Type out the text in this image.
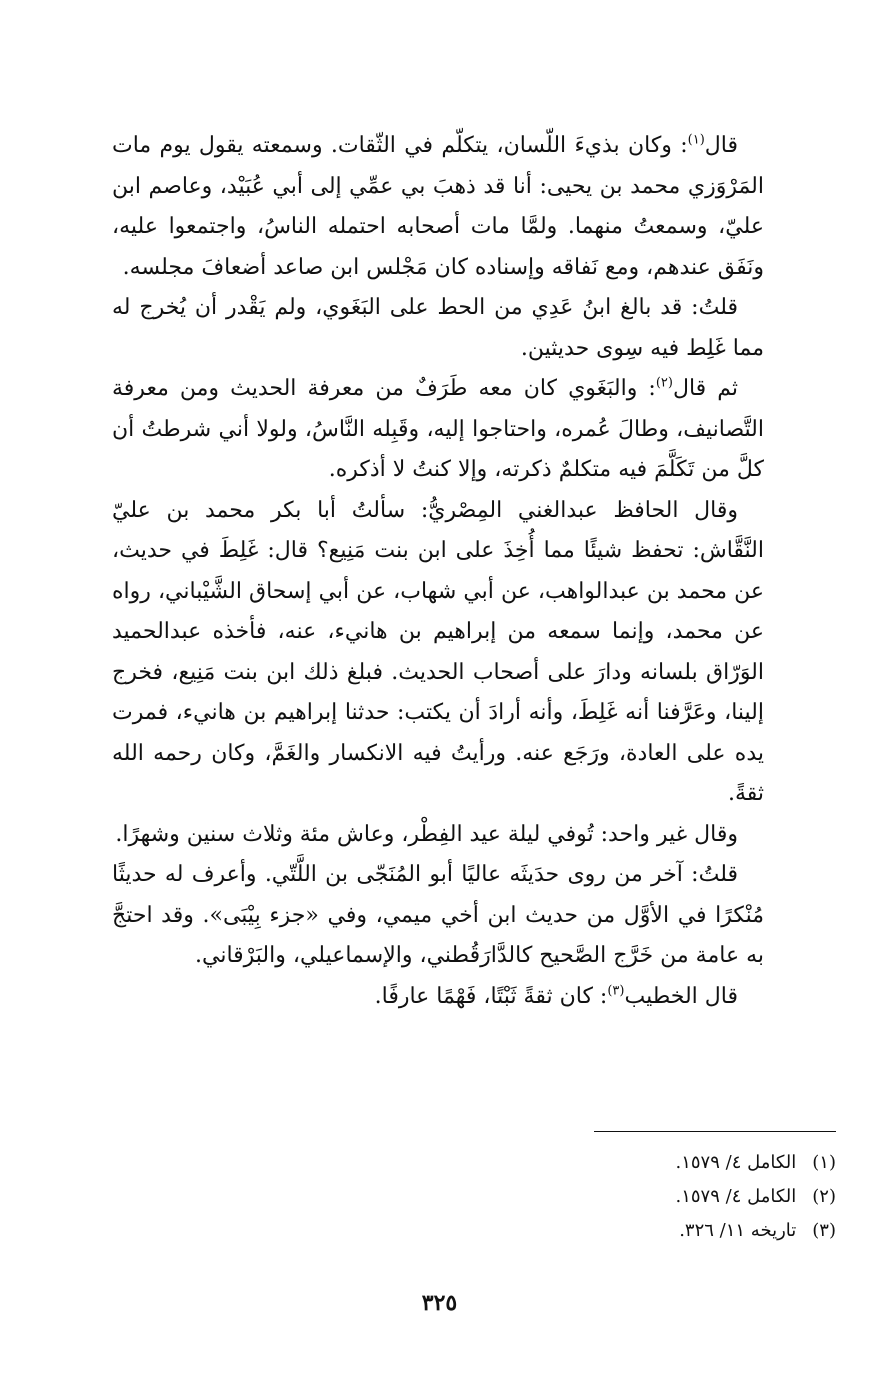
قال$^{(١)}$: وكان بذيءَ اللّسان، يتكلّم في الثّقات. وسمعته يقول يوم مات المَرْوَزي محمد بن يحيى: أنا قد ذهبَ بي عمِّي إلى أبي عُبَيْد، وعاصم ابن عليّ، وسمعتُ منهما. ولمَّا مات أصحابه احتمله الناسُ، واجتمعوا عليه، ونَفَق عندهم، ومع نَفاقه وإسناده كان مَجْلس ابن صاعد أضعافَ مجلسه.

قلتُ: قد بالغ ابنُ عَدِي من الحط على البَغَوي، ولم يَقْدر أن يُخرج له مما غَلِط فيه سِوى حديثين.

ثم قال$^{(٢)}$: والبَغَوي كان معه طَرَفٌ من معرفة الحديث ومن معرفة التَّصانيف، وطالَ عُمره، واحتاجوا إليه، وقَبِله النَّاسُ، ولولا أني شرطتُ أن كلَّ من تَكَلَّمَ فيه متكلمٌ ذكرته، وإلا كنتُ لا أذكره.

وقال الحافظ عبدالغني المِصْريُّ: سألتُ أبا بكر محمد بن عليّ النَّقَّاش: تحفظ شيئًا مما أُخِذَ على ابن بنت مَنِيع؟ قال: غَلِطَ في حديث، عن محمد بن عبدالواهب، عن أبي شهاب، عن أبي إسحاق الشَّيْباني، رواه عن محمد، وإنما سمعه من إبراهيم بن هانيء، عنه، فأخذه عبدالحميد الوَرّاق بلسانه ودارَ على أصحاب الحديث. فبلغ ذلك ابن بنت مَنِيع، فخرج إلينا، وعَرَّفنا أنه غَلِطَ، وأنه أرادَ أن يكتب: حدثنا إبراهيم بن هانيء، فمرت يده على العادة، ورَجَع عنه. ورأيتُ فيه الانكسار والغَمَّ، وكان رحمه الله ثقةً.

وقال غير واحد: تُوفي ليلة عيد الفِطْر، وعاش مئة وثلاث سنين وشهرًا.

قلتُ: آخر من روى حدَيثَه عاليًا أبو المُنَجّى بن اللَّتّي. وأعرف له حديثًا مُنْكرًا في الأوَّل من حديث ابن أخي ميمي، وفي «جزء بِيْبَى». وقد احتجَّ به عامة من خَرَّج الصَّحيح كالدَّارَقُطني، والإسماعيلي، والبَرْقاني.

قال الخطيب$^{(٣)}$: كان ثقةً ثَبْتًا، فَهْمًا عارفًا.

(١) الكامل ٤/ ١٥٧٩.
(٢) الكامل ٤/ ١٥٧٩.
(٣) تاريخه ١١/ ٣٢٦.
٣٢٥
